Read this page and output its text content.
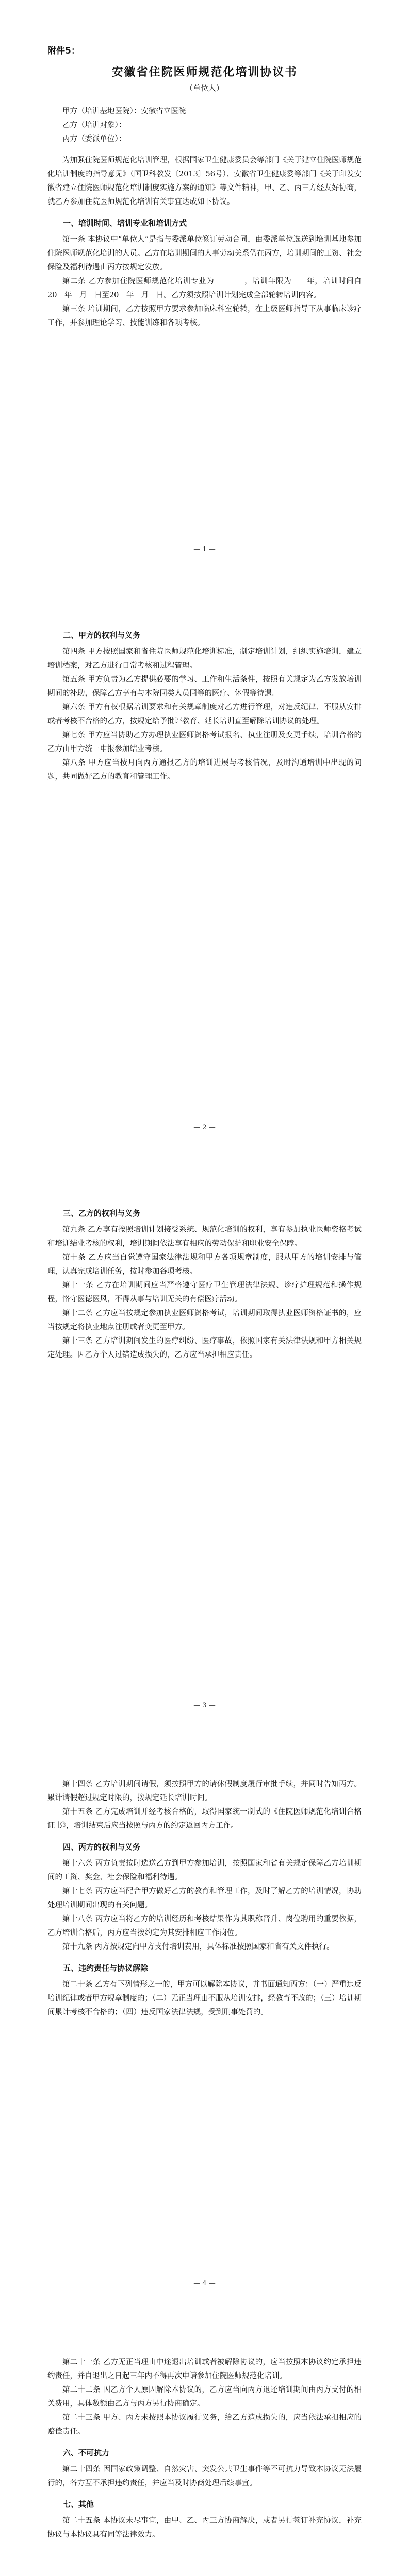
附件5：
安徽省住院医师规范化培训协议书
（单位人）
甲方（培训基地医院）：安徽省立医院
乙方（培训对象）：
丙方（委派单位）：

为加强住院医师规范化培训管理，根据国家卫生健康委员会等部门《关于建立住院医师规范化培训制度的指导意见》（国卫科教发〔2013〕56号）、安徽省卫生健康委等部门《关于印发安徽省建立住院医师规范化培训制度实施方案的通知》等文件精神，甲、乙、丙三方经友好协商，就乙方参加住院医师规范化培训有关事宜达成如下协议。

一、培训时间、培训专业和培训方式

第一条 本协议中“单位人”是指与委派单位签订劳动合同，由委派单位选送到培训基地参加住院医师规范化培训的人员。乙方在培训期间的人事劳动关系仍在丙方，培训期间的工资、社会保险及福利待遇由丙方按规定发放。

第二条 乙方参加住院医师规范化培训专业为________，培训年限为____年，培训时间自20__年__月__日至20__年__月__日。乙方须按照培训计划完成全部轮转培训内容。

第三条 培训期间，乙方按照甲方要求参加临床科室轮转，在上级医师指导下从事临床诊疗工作，并参加理论学习、技能训练和各项考核。

— 1 —
二、甲方的权利与义务

第四条 甲方按照国家和省住院医师规范化培训标准，制定培训计划，组织实施培训，建立培训档案，对乙方进行日常考核和过程管理。

第五条 甲方负责为乙方提供必要的学习、工作和生活条件，按照有关规定为乙方发放培训期间的补助，保障乙方享有与本院同类人员同等的医疗、休假等待遇。

第六条 甲方有权根据培训要求和有关规章制度对乙方进行管理，对违反纪律、不服从安排或者考核不合格的乙方，按规定给予批评教育、延长培训直至解除培训协议的处理。

第七条 甲方应当协助乙方办理执业医师资格考试报名、执业注册及变更手续，培训合格的乙方由甲方统一申报参加结业考核。

第八条 甲方应当按月向丙方通报乙方的培训进展与考核情况，及时沟通培训中出现的问题，共同做好乙方的教育和管理工作。

— 2 —
三、乙方的权利与义务

第九条 乙方享有按照培训计划接受系统、规范化培训的权利，享有参加执业医师资格考试和培训结业考核的权利，培训期间依法享有相应的劳动保护和职业安全保障。

第十条 乙方应当自觉遵守国家法律法规和甲方各项规章制度，服从甲方的培训安排与管理，认真完成培训任务，按时参加各项考核。

第十一条 乙方在培训期间应当严格遵守医疗卫生管理法律法规、诊疗护理规范和操作规程，恪守医德医风，不得从事与培训无关的有偿医疗活动。

第十二条 乙方应当按规定参加执业医师资格考试，培训期间取得执业医师资格证书的，应当按规定将执业地点注册或者变更至甲方。

第十三条 乙方培训期间发生的医疗纠纷、医疗事故，依照国家有关法律法规和甲方相关规定处理。因乙方个人过错造成损失的，乙方应当承担相应责任。

— 3 —

第十四条 乙方培训期间请假，须按照甲方的请休假制度履行审批手续，并同时告知丙方。累计请假超过规定时限的，按规定延长培训时间。

第十五条 乙方完成培训并经考核合格的，取得国家统一制式的《住院医师规范化培训合格证书》，培训结束后应当按照与丙方的约定返回丙方工作。

四、丙方的权利与义务

第十六条 丙方负责按时选送乙方到甲方参加培训，按照国家和省有关规定保障乙方培训期间的工资、奖金、社会保险和福利待遇。

第十七条 丙方应当配合甲方做好乙方的教育和管理工作，及时了解乙方的培训情况，协助处理培训期间出现的有关问题。

第十八条 丙方应当将乙方的培训经历和考核结果作为其职称晋升、岗位聘用的重要依据，乙方培训合格后，丙方应当按约定为其安排相应工作岗位。

第十九条 丙方按规定向甲方支付培训费用，具体标准按照国家和省有关文件执行。

五、违约责任与协议解除

第二十条 乙方有下列情形之一的，甲方可以解除本协议，并书面通知丙方：（一）严重违反培训纪律或者甲方规章制度的；（二）无正当理由不服从培训安排，经教育不改的；（三）培训期间累计考核不合格的；（四）违反国家法律法规，受到刑事处罚的。

— 4 —

第二十一条 乙方无正当理由中途退出培训或者被解除协议的，应当按照本协议约定承担违约责任，并自退出之日起三年内不得再次申请参加住院医师规范化培训。

第二十二条 因乙方个人原因解除本协议的，乙方应当向丙方退还培训期间由丙方支付的相关费用，具体数额由乙方与丙方另行协商确定。

第二十三条 甲方、丙方未按照本协议履行义务，给乙方造成损失的，应当依法承担相应的赔偿责任。

六、不可抗力

第二十四条 因国家政策调整、自然灾害、突发公共卫生事件等不可抗力导致本协议无法履行的，各方互不承担违约责任，并应当及时协商处理后续事宜。

七、其他

第二十五条 本协议未尽事宜，由甲、乙、丙三方协商解决，或者另行签订补充协议，补充协议与本协议具有同等法律效力。
